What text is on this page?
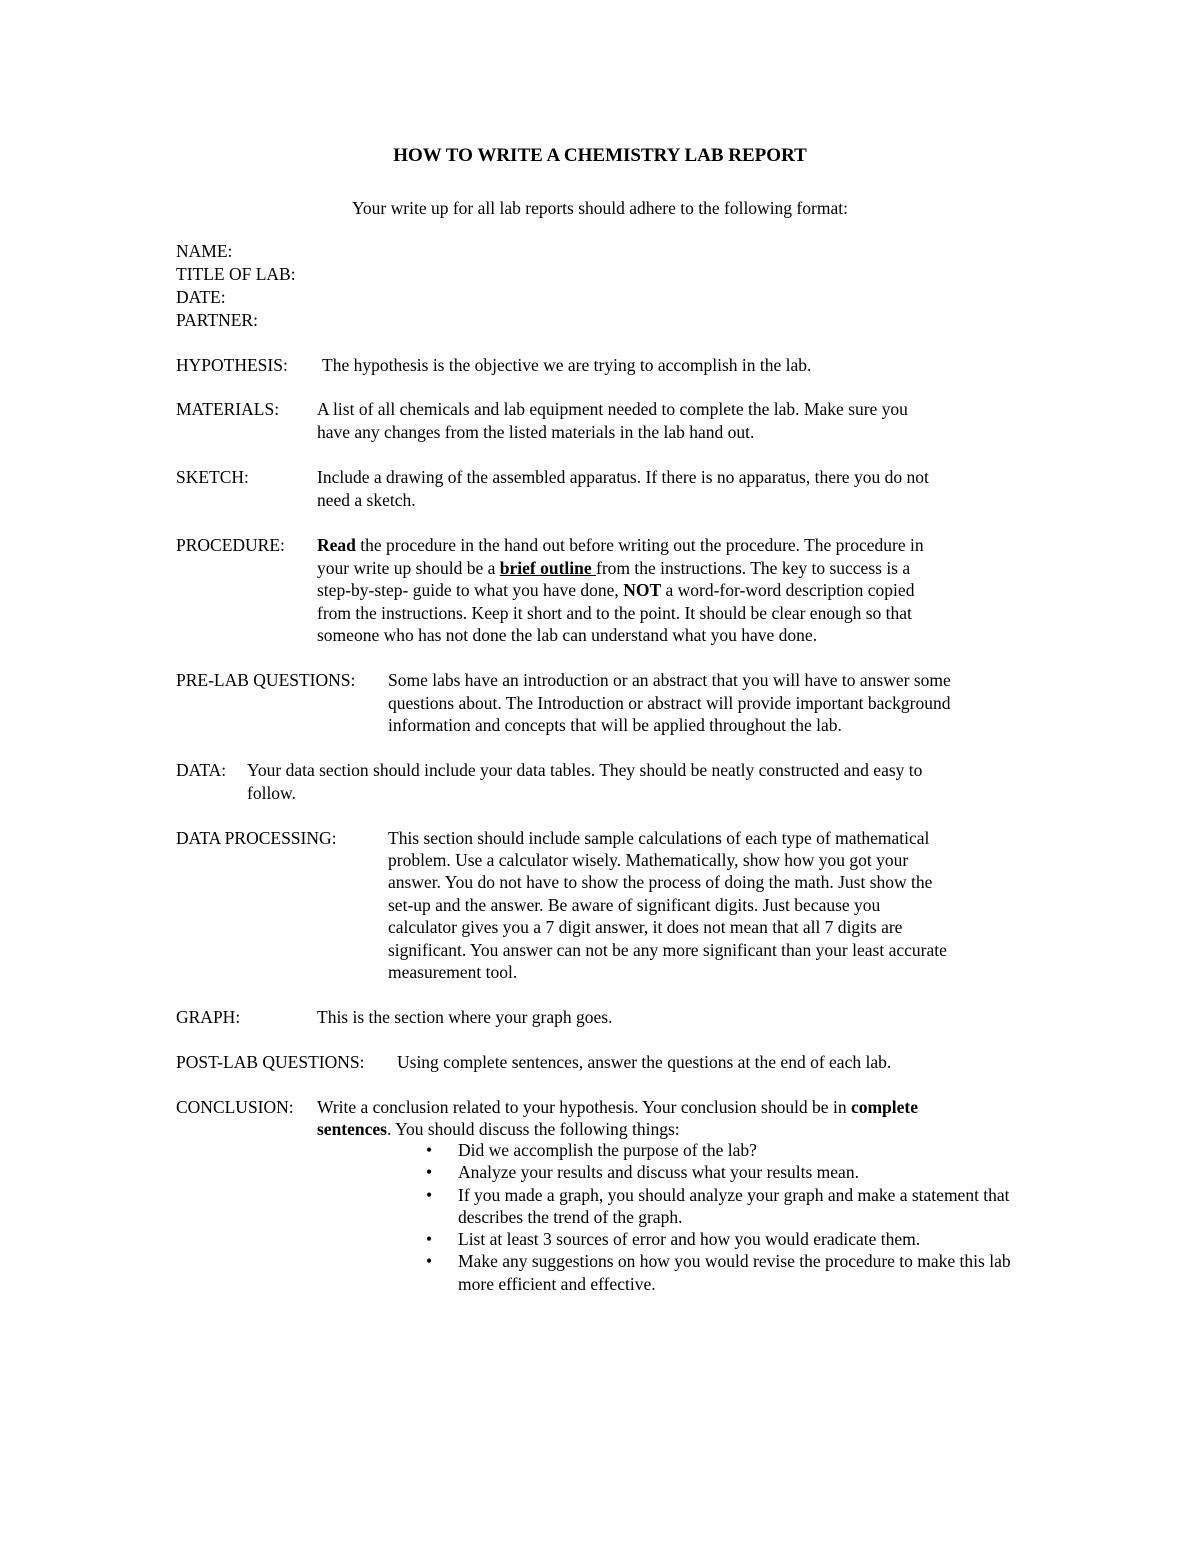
HOW TO WRITE A CHEMISTRY LAB REPORT
Your write up for all lab reports should adhere to the following format:
NAME:
TITLE OF LAB:
DATE:
PARTNER:
HYPOTHESIS: The hypothesis is the objective we are trying to accomplish in the lab.
MATERIALS: A list of all chemicals and lab equipment needed to complete the lab. Make sure you
have any changes from the listed materials in the lab hand out.
SKETCH:	Include a drawing of the assembled apparatus. If there is no apparatus, there you do not
need a sketch.
PROCEDURE: Read the procedure in the hand out before writing out the procedure. The procedure in
your write up should be a brief outline from the instructions. The key to success is a
step-by-step- guide to what you have done, NOT a word-for-word description copied
from the instructions. Keep it short and to the point. It should be clear enough so that
someone who has not done the lab can understand what you have done.
PRE-LAB QUESTIONS: Some labs have an introduction or an abstract that you will have to answer some
questions about. The Introduction or abstract will provide important background
information and concepts that will be applied throughout the lab.
DATA: Your data section should include your data tables. They should be neatly constructed and easy to
follow.
DATA PROCESSING:	This section should include sample calculations of each type of mathematical
problem. Use a calculator wisely. Mathematically, show how you got your
answer. You do not have to show the process of doing the math. Just show the
set-up and the answer. Be aware of significant digits. Just because you
calculator gives you a 7 digit answer, it does not mean that all 7 digits are
significant. You answer can not be any more significant than your least accurate
measurement tool.
GRAPH:	This is the section where your graph goes.
POST-LAB QUESTIONS: Using complete sentences, answer the questions at the end of each lab.
CONCLUSION: Write a conclusion related to your hypothesis. Your conclusion should be in complete
sentences. You should discuss the following things:
• Did we accomplish the purpose of the lab?
• Analyze your results and discuss what your results mean.
• If you made a graph, you should analyze your graph and make a statement that describes the trend of the graph.
• List at least 3 sources of error and how you would eradicate them.
• Make any suggestions on how you would revise the procedure to make this lab more efficient and effective.
